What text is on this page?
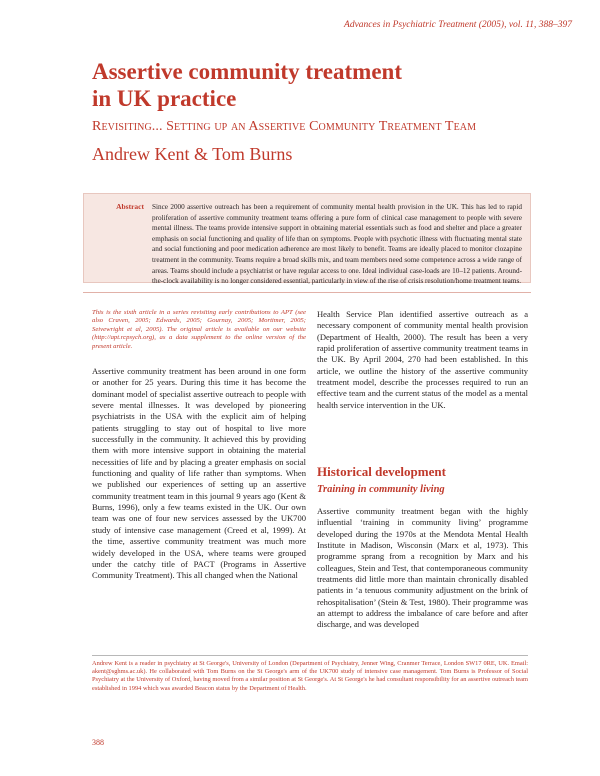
Advances in Psychiatric Treatment (2005), vol. 11, 388–397
Assertive community treatment
in UK practice
Revisiting... Setting up an Assertive Community Treatment Team
Andrew Kent & Tom Burns
Abstract	Since 2000 assertive outreach has been a requirement of community mental health provision in the UK. This has led to rapid proliferation of assertive community treatment teams offering a pure form of clinical case management to people with severe mental illness. The teams provide intensive support in obtaining material essentials such as food and shelter and place a greater emphasis on social functioning and quality of life than on symptoms. People with psychotic illness with fluctuating mental state and social functioning and poor medication adherence are most likely to benefit. Teams are ideally placed to monitor clozapine treatment in the community. Teams require a broad skills mix, and team members need some competence across a wide range of areas. Teams should include a psychiatrist or have regular access to one. Ideal individual case-loads are 10–12 patients. Around-the-clock availability is no longer considered essential, particularly in view of the rise of crisis resolution/home treatment teams.
This is the sixth article in a series revisiting early contributions to APT (see also Craven, 2005; Edwards, 2005; Gournay, 2005; Mortimer, 2005; Seivewright et al, 2005). The original article is available on our website (http://apt.rcpsych.org), as a data supplement to the online version of the present article.

Assertive community treatment has been around in one form or another for 25 years. During this time it has become the dominant model of specialist assertive outreach to people with severe mental illnesses. It was developed by pioneering psychiatrists in the USA with the explicit aim of helping patients struggling to stay out of hospital to live more successfully in the community. It achieved this by providing them with more intensive support in obtaining the material necessities of life and by placing a greater emphasis on social functioning and quality of life rather than symptoms. When we published our experiences of setting up an assertive community treatment team in this journal 9 years ago (Kent & Burns, 1996), only a few teams existed in the UK. Our own team was one of four new services assessed by the UK700 study of intensive case management (Creed et al, 1999). At the time, assertive community treatment was much more widely developed in the USA, where teams were grouped under the catchy title of PACT (Programs in Assertive Community Treatment). This all changed when the National

Health Service Plan identified assertive outreach as a necessary component of community mental health provision (Department of Health, 2000). The result has been a very rapid proliferation of assertive community treatment teams in the UK. By April 2004, 270 had been established. In this article, we outline the history of the assertive community treatment model, describe the processes required to run an effective team and the current status of the model as a mental health service intervention in the UK.

Historical development
Training in community living

Assertive community treatment began with the highly influential ‘training in community living’ programme developed during the 1970s at the Mendota Mental Health Institute in Madison, Wisconsin (Marx et al, 1973). This programme sprang from a recognition by Marx and his colleagues, Stein and Test, that contemporaneous community treatments did little more than maintain chronically disabled patients in ‘a tenuous community adjustment on the brink of rehospitalisation’ (Stein & Test, 1980). Their programme was an attempt to address the imbalance of care before and after discharge, and was developed

Andrew Kent is a reader in psychiatry at St George's, University of London (Department of Psychiatry, Jenner Wing, Cranmer Terrace, London SW17 0RE, UK. Email: akent@sghms.ac.uk). He collaborated with Tom Burns on the St George's arm of the UK700 study of intensive case management. Tom Burns is Professor of Social Psychiatry at the University of Oxford, having moved from a similar position at St George's. At St George's he had consultant responsibility for an assertive outreach team established in 1994 which was awarded Beacon status by the Department of Health.
388
